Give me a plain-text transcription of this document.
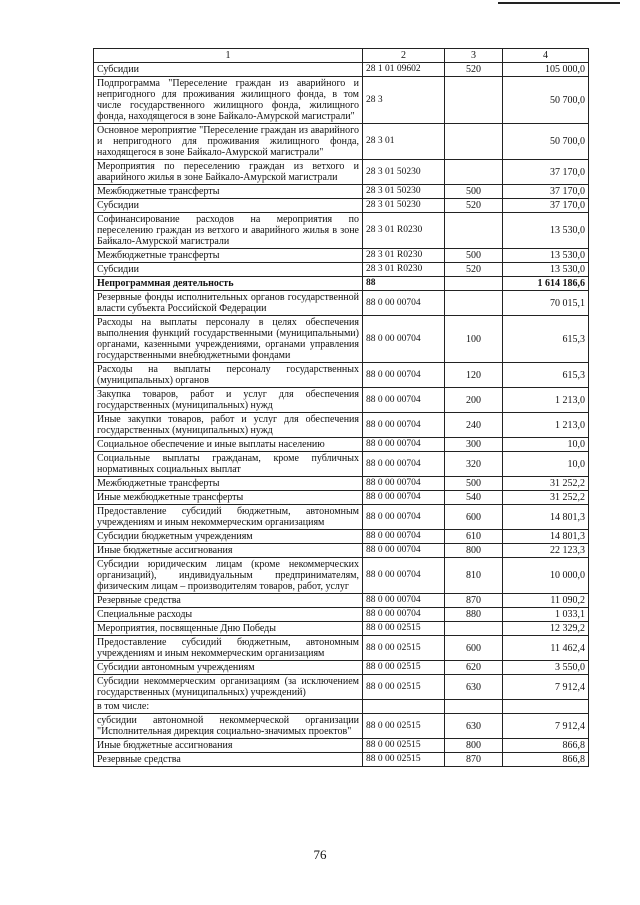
1	2	3	4
Субсидии	28 1 01 09602	520	105 000,0
Подпрограмма "Переселение граждан из аварийного и непригодного для проживания жилищного фонда, в том числе государственного жилищного фонда, жилищного фонда, находящегося в зоне Байкало-Амурской магистрали"	28 3		50 700,0
Основное мероприятие "Переселение граждан из аварийного и непригодного для проживания жилищного фонда, находящегося в зоне Байкало-Амурской магистрали"	28 3 01		50 700,0
Мероприятия по переселению граждан из ветхого и аварийного жилья в зоне Байкало-Амурской магистрали	28 3 01 50230		37 170,0
Межбюджетные трансферты	28 3 01 50230	500	37 170,0
Субсидии	28 3 01 50230	520	37 170,0
Софинансирование расходов на мероприятия по переселению граждан из ветхого и аварийного жилья в зоне Байкало-Амурской магистрали	28 3 01 R0230		13 530,0
Межбюджетные трансферты	28 3 01 R0230	500	13 530,0
Субсидии	28 3 01 R0230	520	13 530,0
Непрограммная деятельность	88		1 614 186,6
Резервные фонды исполнительных органов государственной власти субъекта Российской Федерации	88 0 00 00704		70 015,1
Расходы на выплаты персоналу в целях обеспечения выполнения функций государственными (муниципальными) органами, казенными учреждениями, органами управления государственными внебюджетными фондами	88 0 00 00704	100	615,3
Расходы на выплаты персоналу государственных (муниципальных) органов	88 0 00 00704	120	615,3
Закупка товаров, работ и услуг для обеспечения государственных (муниципальных) нужд	88 0 00 00704	200	1 213,0
Иные закупки товаров, работ и услуг для обеспечения государственных (муниципальных) нужд	88 0 00 00704	240	1 213,0
Социальное обеспечение и иные выплаты населению	88 0 00 00704	300	10,0
Социальные выплаты гражданам, кроме публичных нормативных социальных выплат	88 0 00 00704	320	10,0
Межбюджетные трансферты	88 0 00 00704	500	31 252,2
Иные межбюджетные трансферты	88 0 00 00704	540	31 252,2
Предоставление субсидий бюджетным, автономным учреждениям и иным некоммерческим организациям	88 0 00 00704	600	14 801,3
Субсидии бюджетным учреждениям	88 0 00 00704	610	14 801,3
Иные бюджетные ассигнования	88 0 00 00704	800	22 123,3
Субсидии юридическим лицам (кроме некоммерческих организаций), индивидуальным предпринимателям, физическим лицам – производителям товаров, работ, услуг	88 0 00 00704	810	10 000,0
Резервные средства	88 0 00 00704	870	11 090,2
Специальные расходы	88 0 00 00704	880	1 033,1
Мероприятия, посвященные Дню Победы	88 0 00 02515		12 329,2
Предоставление субсидий бюджетным, автономным учреждениям и иным некоммерческим организациям	88 0 00 02515	600	11 462,4
Субсидии автономным учреждениям	88 0 00 02515	620	3 550,0
Субсидии некоммерческим организациям (за исключением государственных (муниципальных) учреждений)	88 0 00 02515	630	7 912,4
в том числе:			
субсидии автономной некоммерческой организации "Исполнительная дирекция социально-значимых проектов"	88 0 00 02515	630	7 912,4
Иные бюджетные ассигнования	88 0 00 02515	800	866,8
Резервные средства	88 0 00 02515	870	866,8
76
